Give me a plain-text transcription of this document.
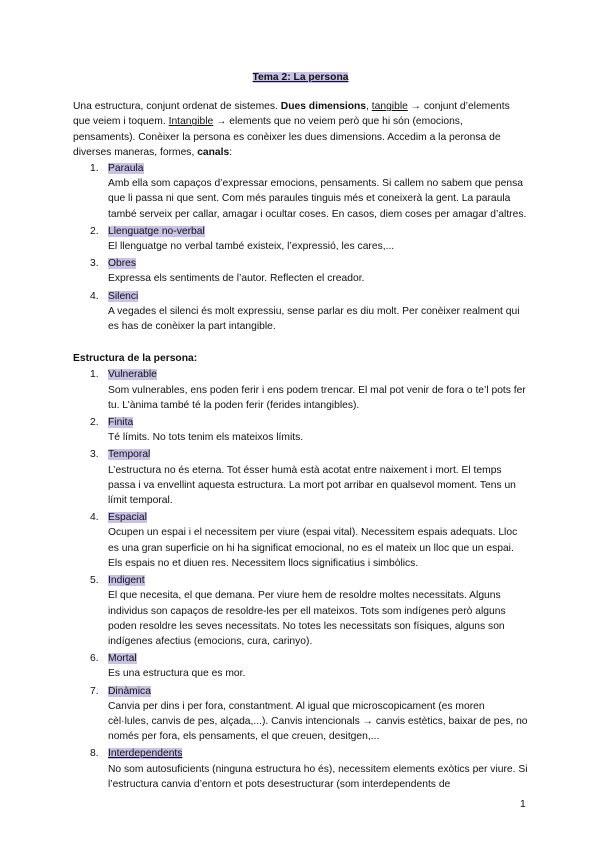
Tema 2: La persona

Una estructura, conjunt ordenat de sistemes. Dues dimensions, tangible → conjunt d’elements que veiem i toquem. Intangible → elements que no veiem però que hi són (emocions, pensaments). Conèixer la persona es conèixer les dues dimensions. Accedim a la peronsa de diverses maneras, formes, canals:

1. Paraula
Amb ella som capaços d’expressar emocions, pensaments. Si callem no sabem que pensa que li passa ni que sent. Com més paraules tinguis més et coneixerà la gent. La paraula també serveix per callar, amagar i ocultar coses. En casos, diem coses per amagar d’altres.
2. Llenguatge no-verbal
El llenguatge no verbal també existeix, l’expressió, les cares,...
3. Obres
Expressa els sentiments de l’autor. Reflecten el creador.
4. Silenci
A vegades el silenci és molt expressiu, sense parlar es diu molt. Per conèixer realment qui es has de conèixer la part intangible.

Estructura de la persona:

1. Vulnerable
Som vulnerables, ens poden ferir i ens podem trencar. El mal pot venir de fora o te’l pots fer tu. L’ànima també té la poden ferir (ferides intangibles).
2. Finita
Té límits. No tots tenim els mateixos límits.
3. Temporal
L’estructura no és eterna. Tot ésser humà està acotat entre naixement i mort. El temps passa i va envellint aquesta estructura. La mort pot arribar en qualsevol moment. Tens un límit temporal.
4. Espacial
Ocupen un espai i el necessitem per viure (espai vital). Necessitem espais adequats. Lloc es una gran superficie on hi ha significat emocional, no es el mateix un lloc que un espai. Els espais no et diuen res. Necessitem llocs significatius i simbòlics.
5. Indigent
El que necesita, el que demana. Per viure hem de resoldre moltes necessitats. Alguns individus son capaços de resoldre-les per ell mateixos. Tots som indígenes però alguns poden resoldre les seves necessitats. No totes les necessitats son físiques, alguns son indígenes afectius (emocions, cura, carinyo).
6. Mortal
Es una estructura que es mor.
7. Dinàmica
Canvia per dins i per fora, constantment. Al igual que microscopicament (es moren cèl·lules, canvis de pes, alçada,...). Canvis intencionals → canvis estètics, baixar de pes, no només per fora, els pensaments, el que creuen, desitgen,...
8. Interdependents
No som autosuficients (ninguna estructura ho és), necessitem elements exòtics per viure. Si l’estructura canvia d’entorn et pots desestructurar (som interdependents de
1
